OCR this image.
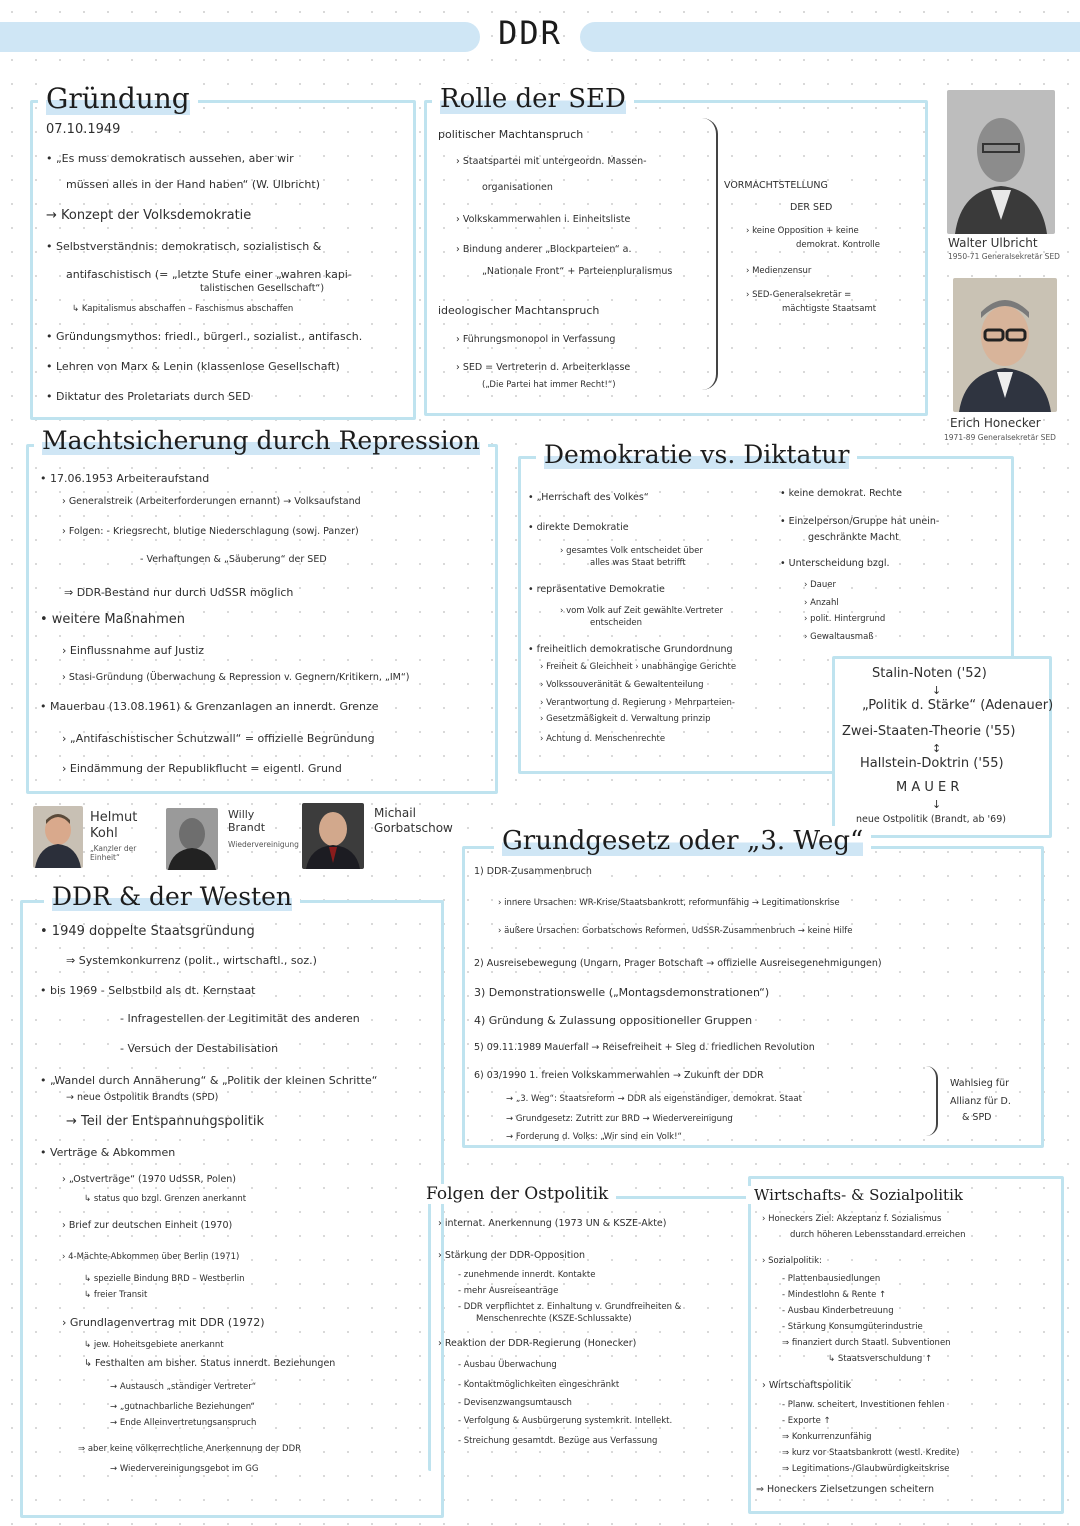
DDR
Gründung
07.10.1949
• „Es muss demokratisch aussehen, aber wir
müssen alles in der Hand haben“ (W. Ulbricht)
→ Konzept der Volksdemokratie
• Selbstverständnis: demokratisch, sozialistisch &
antifaschistisch (= „letzte Stufe einer „wahren kapi-
talistischen Gesellschaft“)
↳ Kapitalismus abschaffen – Faschismus abschaffen
• Gründungsmythos: friedl., bürgerl., sozialist., antifasch.
• Lehren von Marx & Lenin (klassenlose Gesellschaft)
• Diktatur des Proletariats durch SED
Rolle der SED
politischer Machtanspruch
› Staatspartei mit untergeordn. Massen-
organisationen
› Volkskammerwahlen i. Einheitsliste
› Bindung anderer „Blockparteien“ a.
„Nationale Front“ + Parteienpluralismus
ideologischer Machtanspruch
› Führungsmonopol in Verfassung
› SED = Vertreterin d. Arbeiterklasse
(„Die Partei hat immer Recht!“)
VORMACHTSTELLUNG
DER SED
› keine Opposition + keine
demokrat. Kontrolle
› Medienzensur
› SED-Generalsekretär =
mächtigste Staatsamt
Walter Ulbricht
1950-71 Generalsekretär SED
Erich Honecker
1971-89 Generalsekretär SED
Machtsicherung durch Repression
• 17.06.1953 Arbeiteraufstand
› Generalstreik (Arbeiterforderungen ernannt) → Volksaufstand
› Folgen: - Kriegsrecht, blutige Niederschlagung (sowj. Panzer)
- Verhaftungen & „Säuberung“ der SED
⇒ DDR-Bestand nur durch UdSSR möglich
• weitere Maßnahmen
› Einflussnahme auf Justiz
› Stasi-Gründung (Überwachung & Repression v. Gegnern/Kritikern, „IM“)
• Mauerbau (13.08.1961) & Grenzanlagen an innerdt. Grenze
› „Antifaschistischer Schutzwall“ = offizielle Begründung
› Eindämmung der Republikflucht = eigentl. Grund
Demokratie vs. Diktatur
• „Herrschaft des Volkes“
• direkte Demokratie
› gesamtes Volk entscheidet über
alles was Staat betrifft
• repräsentative Demokratie
› vom Volk auf Zeit gewählte Vertreter
entscheiden
• freiheitlich demokratische Grundordnung
› Freiheit & Gleichheit › unabhängige Gerichte
› Volkssouveränität & Gewaltenteilung
› Verantwortung d. Regierung › Mehrparteien-
› Gesetzmäßigkeit d. Verwaltung prinzip
› Achtung d. Menschenrechte
• keine demokrat. Rechte
• Einzelperson/Gruppe hat unein-
geschränkte Macht
• Unterscheidung bzgl.
› Dauer
› Anzahl
› polit. Hintergrund
› Gewaltausmaß
Stalin-Noten ('52)
↓
„Politik d. Stärke“ (Adenauer)
Zwei-Staaten-Theorie ('55)
↕
Hallstein-Doktrin ('55)
M A U E R
↓
neue Ostpolitik (Brandt, ab '69)
Helmut Kohl
„Kanzler der Einheit“
Willy Brandt
Wiedervereinigung
Michail Gorbatschow
DDR & der Westen
• 1949 doppelte Staatsgründung
⇒ Systemkonkurrenz (polit., wirtschaftl., soz.)
• bis 1969 - Selbstbild als dt. Kernstaat
- Infragestellen der Legitimität des anderen
- Versuch der Destabilisation
• „Wandel durch Annäherung“ & „Politik der kleinen Schritte“
→ neue Ostpolitik Brandts (SPD)
→ Teil der Entspannungspolitik
• Verträge & Abkommen
› „Ostverträge“ (1970 UdSSR, Polen)
↳ status quo bzgl. Grenzen anerkannt
› Brief zur deutschen Einheit (1970)
› 4-Mächte-Abkommen über Berlin (1971)
↳ spezielle Bindung BRD – Westberlin
↳ freier Transit
› Grundlagenvertrag mit DDR (1972)
↳ jew. Hoheitsgebiete anerkannt
↳ Festhalten am bisher. Status innerdt. Beziehungen
→ Austausch „ständiger Vertreter“
→ „gutnachbarliche Beziehungen“
→ Ende Alleinvertretungsanspruch
⇒ aber keine völkerrechtliche Anerkennung der DDR
→ Wiedervereinigungsgebot im GG
Grundgesetz oder „3. Weg“
1) DDR-Zusammenbruch
› innere Ursachen: WR-Krise/Staatsbankrott, reformunfähig → Legitimationskrise
› äußere Ursachen: Gorbatschows Reformen, UdSSR-Zusammenbruch → keine Hilfe
2) Ausreisebewegung (Ungarn, Prager Botschaft → offizielle Ausreisegenehmigungen)
3) Demonstrationswelle („Montagsdemonstrationen“)
4) Gründung & Zulassung oppositioneller Gruppen
5) 09.11.1989 Mauerfall → Reisefreiheit + Sieg d. friedlichen Revolution
6) 03/1990 1. freien Volkskammerwahlen → Zukunft der DDR
→ „3. Weg“: Staatsreform → DDR als eigenständiger, demokrat. Staat
→ Grundgesetz: Zutritt zur BRD → Wiedervereinigung
→ Forderung d. Volks: „Wir sind ein Volk!“
Wahlsieg für
Allianz für D.
& SPD
Folgen der Ostpolitik
› internat. Anerkennung (1973 UN & KSZE-Akte)
› Stärkung der DDR-Opposition
- zunehmende innerdt. Kontakte
- mehr Ausreiseanträge
- DDR verpflichtet z. Einhaltung v. Grundfreiheiten &
Menschenrechte (KSZE-Schlussakte)
› Reaktion der DDR-Regierung (Honecker)
- Ausbau Überwachung
- Kontaktmöglichkeiten eingeschränkt
- Devisenzwangsumtausch
- Verfolgung & Ausbürgerung systemkrit. Intellekt.
- Streichung gesamtdt. Bezüge aus Verfassung
Wirtschafts- & Sozialpolitik
› Honeckers Ziel: Akzeptanz f. Sozialismus
durch höheren Lebensstandard erreichen
› Sozialpolitik:
- Plattenbausiedlungen
- Mindestlohn & Rente ↑
- Ausbau Kinderbetreuung
- Stärkung Konsumgüterindustrie
⇒ finanziert durch Staatl. Subventionen
↳ Staatsverschuldung ↑
› Wirtschaftspolitik
- Planw. scheitert, Investitionen fehlen
- Exporte ↑
⇒ Konkurrenzunfähig
⇒ kurz vor Staatsbankrott (westl. Kredite)
⇒ Legitimations-/Glaubwürdigkeitskrise
⇒ Honeckers Zielsetzungen scheitern
